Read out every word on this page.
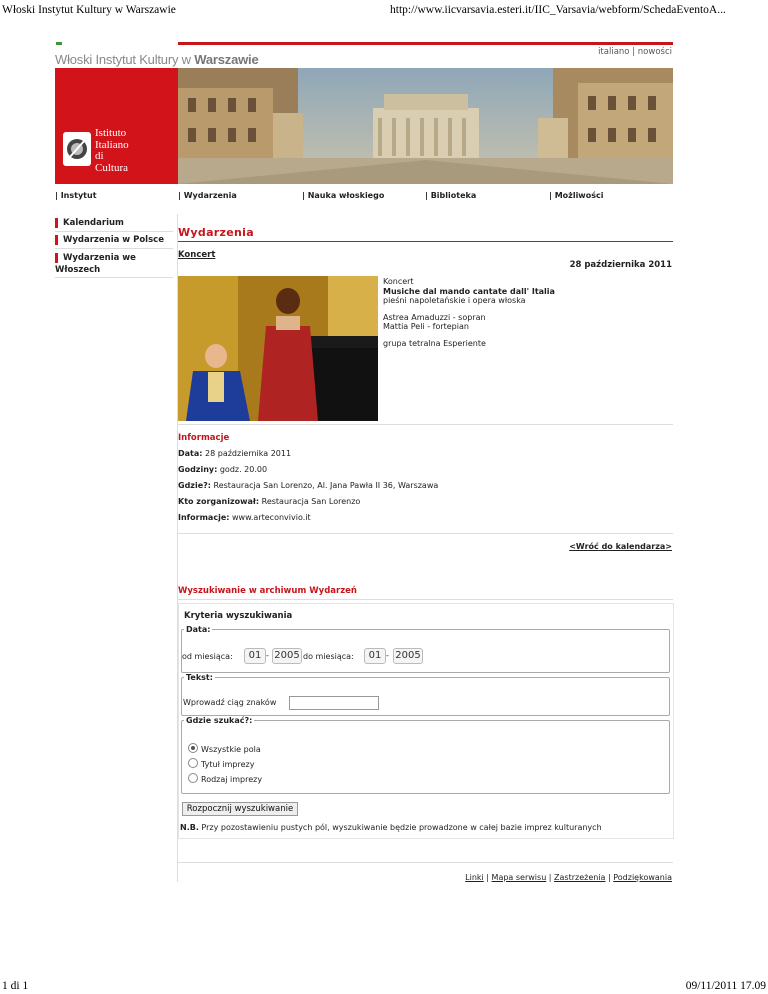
Włoski Instytut Kultury w Warszawie	http://www.iicvarsavia.esteri.it/IIC_Varsavia/webform/SchedaEventoA...
Włoski Instytut Kultury w Warszawie	italiano | nowości
Istituto
Italiano
di
Cultura
| Instytut	| Wydarzenia	| Nauka włoskiego	| Biblioteka	| Możliwości
Kalendarium
Wydarzenia w Polsce
Wydarzenia we Włoszech
Wydarzenia
Koncert
28 października 2011

Koncert
Musiche dal mando cantate dall' Italia
pieśni napoletańskie i opera włoska

Astrea Amaduzzi - sopran
Mattia Peli - fortepian

grupa tetralna Esperiente

Informacje
Data: 28 października 2011
Godziny: godz. 20.00
Gdzie?: Restauracja San Lorenzo, Al. Jana Pawła II 36, Warszawa
Kto zorganizował: Restauracja San Lorenzo
Informacje: www.arteconvivio.it
<Wróć do kalendarza>
Wyszukiwanie w archiwum Wydarzeń
Kryteria wyszukiwania
Data:
od miesiąca:	01 - 2005 do miesiąca:	01 - 2005
Tekst:
Wprowadź ciąg znaków
Gdzie szukać?:
Wszystkie pola
Tytuł imprezy
Rodzaj imprezy
Rozpocznij wyszukiwanie
N.B. Przy pozostawieniu pustych pól, wyszukiwanie będzie prowadzone w całej bazie imprez kulturanych
Linki | Mapa serwisu | Zastrzeżenia | Podziękowania
1 di 1	09/11/2011 17.09
